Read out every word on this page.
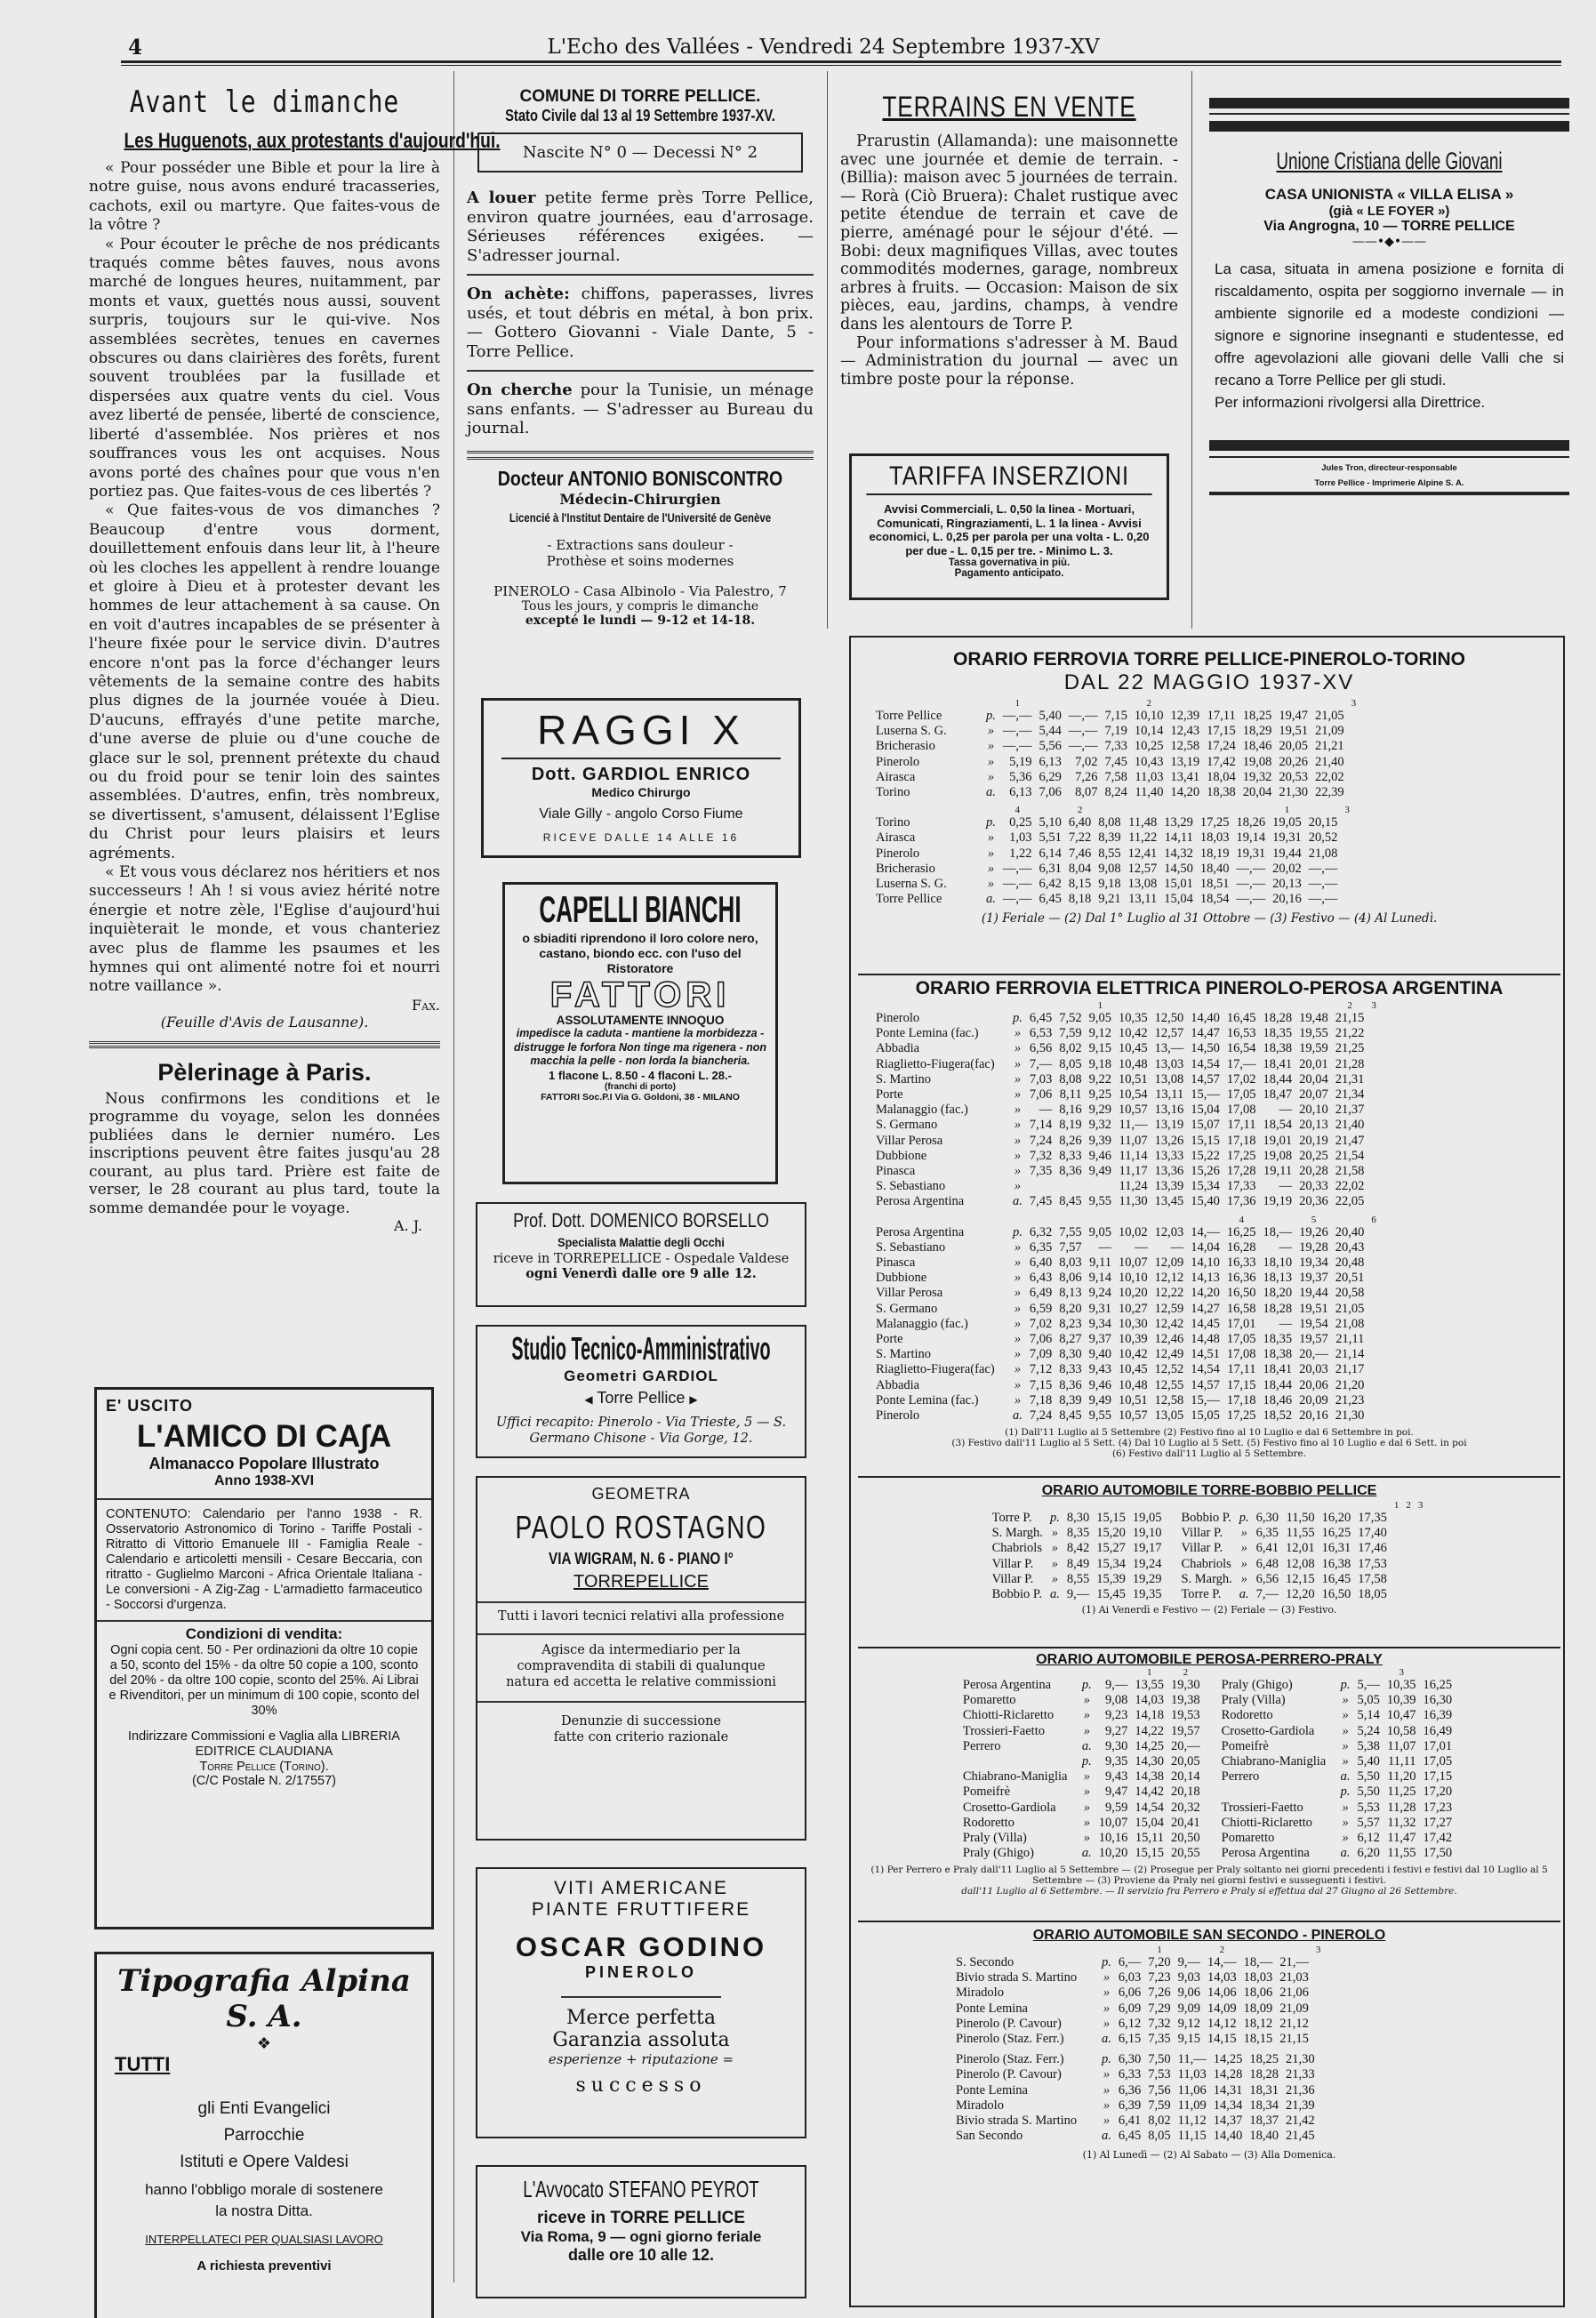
4	L'Echo des Vallées - Vendredi 24 Septembre 1937-XV
Avant le dimanche
Les Huguenots, aux protestants d'aujourd'hui.

« Pour posséder une Bible et pour la lire à notre guise, nous avons enduré tracasseries, cachots, exil ou martyre. Que faites-vous de la vôtre ?

« Pour écouter le prêche de nos prédicants traqués comme bêtes fauves, nous avons marché de longues heures, nuitamment, par monts et vaux, guettés nous aussi, souvent surpris, toujours sur le qui-vive. Nos assemblées secrètes, tenues en cavernes obscures ou dans clairières des forêts, furent souvent troublées par la fusillade et dispersées aux quatre vents du ciel. Vous avez liberté de pensée, liberté de conscience, liberté d'assemblée. Nos prières et nos souffrances vous les ont acquises. Nous avons porté des chaînes pour que vous n'en portiez pas. Que faites-vous de ces libertés ?

« Que faites-vous de vos dimanches ? Beaucoup d'entre vous dorment, douillettement enfouis dans leur lit, à l'heure où les cloches les appellent à rendre louange et gloire à Dieu et à protester devant les hommes de leur attachement à sa cause. On en voit d'autres incapables de se présenter à l'heure fixée pour le service divin. D'autres encore n'ont pas la force d'échanger leurs vêtements de la semaine contre des habits plus dignes de la journée vouée à Dieu. D'aucuns, effrayés d'une petite marche, d'une averse de pluie ou d'une couche de glace sur le sol, prennent prétexte du chaud ou du froid pour se tenir loin des saintes assemblées. D'autres, enfin, très nombreux, se divertissent, s'amusent, délaissent l'Eglise du Christ pour leurs plaisirs et leurs agréments.

« Et vous vous déclarez nos héritiers et nos successeurs ! Ah ! si vous aviez hérité notre énergie et notre zèle, l'Eglise d'aujourd'hui inquièterait le monde, et vous chanteriez avec plus de flamme les psaumes et les hymnes qui ont alimenté notre foi et nourri notre vaillance ».

Fax.
(Feuille d'Avis de Lausanne).
Pèlerinage à Paris.

Nous confirmons les conditions et le programme du voyage, selon les données publiées dans le dernier numéro. Les inscriptions peuvent être faites jusqu'au 28 courant, au plus tard. Prière est faite de verser, le 28 courant au plus tard, toute la somme demandée pour le voyage.

A. J.
E' USCITO
L'AMICO DI CA∫A
Almanacco Popolare Illustrato
Anno 1938-XVI
CONTENUTO: Calendario per l'anno 1938 - R. Osservatorio Astronomico di Torino - Tariffe Postali - Ritratto di Vittorio Emanuele III - Famiglia Reale - Calendario e articoletti mensili - Cesare Beccaria, con ritratto - Guglielmo Marconi - Africa Orientale Italiana - Le conversioni - A Zig-Zag - L'armadietto farmaceutico - Soccorsi d'urgenza.
Condizioni di vendita:
Ogni copia cent. 50 - Per ordinazioni da oltre 10 copie a 50, sconto del 15% - da oltre 50 copie a 100, sconto del 20% - da oltre 100 copie, sconto del 25%. Ai Librai e Rivenditori, per un minimum di 100 copie, sconto del 30%
Indirizzare Commissioni e Vaglia alla LIBRERIA EDITRICE CLAUDIANA
Torre Pellice (Torino).
(C/C Postale N. 2/17557)
Tipografia Alpina S. A.
❖
TUTTI
gli Enti Evangelici
Parrocchie
Istituti e Opere Valdesi
hanno l'obbligo morale di sostenere
la nostra Ditta.
INTERPELLATECI PER QUALSIASI LAVORO
A richiesta preventivi
COMUNE DI TORRE PELLICE.
Stato Civile dal 13 al 19 Settembre 1937-XV.
Nascite N° 0 — Decessi N° 2
A louer petite ferme près Torre Pellice, environ quatre journées, eau d'arrosage. Sérieuses références exigées. — S'adresser journal.
On achète: chiffons, paperasses, livres usés, et tout débris en métal, à bon prix. — Gottero Giovanni - Viale Dante, 5 - Torre Pellice.
On cherche pour la Tunisie, un ménage sans enfants. — S'adresser au Bureau du journal.
Docteur ANTONIO BONISCONTRO
Médecin-Chirurgien
Licencié à l'Institut Dentaire de l'Université de Genève
- Extractions sans douleur -
Prothèse et soins modernes
PINEROLO - Casa Albinolo - Via Palestro, 7
Tous les jours, y compris le dimanche
excepté le lundi — 9-12 et 14-18.
RAGGI X
Dott. GARDIOL ENRICO
Medico Chirurgo
Viale Gilly - angolo Corso Fiume
RICEVE DALLE 14 ALLE 16
CAPELLI BIANCHI
o sbiaditi riprendono il loro colore nero, castano, biondo ecc. con l'uso del Ristoratore
FATTORI
ASSOLUTAMENTE INNOQUO
impedisce la caduta - mantiene la morbidezza - distrugge le forfora Non tinge ma rigenera - non macchia la pelle - non lorda la biancheria.
1 flacone L. 8.50 - 4 flaconi L. 28.-
(franchi di porto)
FATTORI Soc.P.I Via G. Goldoni, 38 - MILANO
Prof. Dott. DOMENICO BORSELLO
Specialista Malattie degli Occhi
riceve in TORREPELLICE - Ospedale Valdese
ogni Venerdì dalle ore 9 alle 12.
Studio Tecnico-Amministrativo
Geometri GARDIOL
◀ Torre Pellice ▶
Uffici recapito: Pinerolo - Via Trieste, 5 — S. Germano Chisone - Via Gorge, 12.
GEOMETRA
PAOLO ROSTAGNO
VIA WIGRAM, N. 6 - PIANO I°
TORREPELLICE
Tutti i lavori tecnici relativi alla professione
Agisce da intermediario per la compravendita di stabili di qualunque natura ed accetta le relative commissioni
Denunzie di successione fatte con criterio razionale
VITI AMERICANE
PIANTE FRUTTIFERE
OSCAR GODINO
PINEROLO
Merce perfetta
Garanzia assoluta
esperienze + riputazione =
successo
L'Avvocato STEFANO PEYROT
riceve in TORRE PELLICE
Via Roma, 9 — ogni giorno feriale
dalle ore 10 alle 12.
TERRAINS EN VENTE

Prarustin (Allamanda): une maisonnette avec une journée et demie de terrain. - (Billia): maison avec 5 journées de terrain. — Rorà (Ciò Bruera): Chalet rustique avec petite étendue de terrain et cave de pierre, aménagé pour le séjour d'été. — Bobi: deux magnifiques Villas, avec toutes commodités modernes, garage, nombreux arbres à fruits. — Occasion: Maison de six pièces, eau, jardins, champs, à vendre dans les alentours de Torre P.

Pour informations s'adresser à M. Baud — Administration du journal — avec un timbre poste pour la réponse.

TARIFFA INSERZIONI
Avvisi Commerciali, L. 0,50 la linea - Mortuari, Comunicati, Ringraziamenti, L. 1 la linea - Avvisi economici, L. 0,25 per parola per una volta - L. 0,20 per due - L. 0,15 per tre. - Minimo L. 3.
Tassa governativa in più.
Pagamento anticipato.
Unione Cristiana delle Giovani
CASA UNIONISTA « VILLA ELISA »
(già « LE FOYER »)
Via Angrogna, 10 — TORRE PELLICE
——•◆•——
La casa, situata in amena posizione e fornita di riscaldamento, ospita per soggiorno invernale — in ambiente signorile ed a modeste condizioni — signore e signorine insegnanti e studentesse, ed offre agevolazioni alle giovani delle Valli che si recano a Torre Pellice per gli studi.
Per informazioni rivolgersi alla Direttrice.
Jules Tron, directeur-responsable
Torre Pellice - Imprimerie Alpine S. A.
ORARIO FERROVIA TORRE PELLICE-PINEROLO-TORINO
DAL 22 MAGGIO 1937-XV
		1				2						3
Torre Pellice	p.	—,—	5,40	—,—	7,15	10,10	12,39	17,11	18,25	19,47	21,05	
Luserna S. G.	»	—,—	5,44	—,—	7,19	10,14	12,43	17,15	18,29	19,51	21,09	
Bricherasio	»	—,—	5,56	—,—	7,33	10,25	12,58	17,24	18,46	20,05	21,21	
Pinerolo	»	5,19	6,13	7,02	7,45	10,43	13,19	17,42	19,08	20,26	21,40	
Airasca	»	5,36	6,29	7,26	7,58	11,03	13,41	18,04	19,32	20,53	22,02	
Torino	a.	6,13	7,06	8,07	8,24	11,40	14,20	18,38	20,04	21,30	22,39	
		4		2						1		3
Torino	p.	0,25	5,10	6,40	8,08	11,48	13,29	17,25	18,26	19,05	20,15	
Airasca	»	1,03	5,51	7,22	8,39	11,22	14,11	18,03	19,14	19,31	20,52	
Pinerolo	»	1,22	6,14	7,46	8,55	12,41	14,32	18,19	19,31	19,44	21,08	
Bricherasio	»	—,—	6,31	8,04	9,08	12,57	14,50	18,40	—,—	20,02	—,—	
Luserna S. G.	»	—,—	6,42	8,15	9,18	13,08	15,01	18,51	—,—	20,13	—,—	
Torre Pellice	a.	—,—	6,45	8,18	9,21	13,11	15,04	18,54	—,—	20,16	—,—	
(1) Feriale — (2) Dal 1° Luglio al 31 Ottobre — (3) Festivo — (4) Al Lunedì.
ORARIO FERROVIA ELETTRICA PINEROLO-PEROSA ARGENTINA
				1							2	3
Pinerolo	p.	6,45	7,52	9,05	10,35	12,50	14,40	16,45	18,28	19,48	21,15	
Ponte Lemina (fac.)	»	6,53	7,59	9,12	10,42	12,57	14,47	16,53	18,35	19,55	21,22	
Abbadia	»	6,56	8,02	9,15	10,45	13,—	14,50	16,54	18,38	19,59	21,25	
Riaglietto-Fiugera(fac)	»	7,—	8,05	9,18	10,48	13,03	14,54	17,—	18,41	20,01	21,28	
S. Martino	»	7,03	8,08	9,22	10,51	13,08	14,57	17,02	18,44	20,04	21,31	
Porte	»	7,06	8,11	9,25	10,54	13,11	15,—	17,05	18,47	20,07	21,34	
Malanaggio (fac.)	»	—	8,16	9,29	10,57	13,16	15,04	17,08	—	20,10	21,37	
S. Germano	»	7,14	8,19	9,32	11,—	13,19	15,07	17,11	18,54	20,13	21,40	
Villar Perosa	»	7,24	8,26	9,39	11,07	13,26	15,15	17,18	19,01	20,19	21,47	
Dubbione	»	7,32	8,33	9,46	11,14	13,33	15,22	17,25	19,08	20,25	21,54	
Pinasca	»	7,35	8,36	9,49	11,17	13,36	15,26	17,28	19,11	20,28	21,58	
S. Sebastiano	»				11,24	13,39	15,34	17,33	—	20,33	22,02	
Perosa Argentina	a.	7,45	8,45	9,55	11,30	13,45	15,40	17,36	19,19	20,36	22,05	
								4		5		6
Perosa Argentina	p.	6,32	7,55	9,05	10,02	12,03	14,—	16,25	18,—	19,26	20,40	
S. Sebastiano	»	6,35	7,57	—	—	—	14,04	16,28	—	19,28	20,43	
Pinasca	»	6,40	8,03	9,11	10,07	12,09	14,10	16,33	18,10	19,34	20,48	
Dubbione	»	6,43	8,06	9,14	10,10	12,12	14,13	16,36	18,13	19,37	20,51	
Villar Perosa	»	6,49	8,13	9,24	10,20	12,22	14,20	16,50	18,20	19,44	20,58	
S. Germano	»	6,59	8,20	9,31	10,27	12,59	14,27	16,58	18,28	19,51	21,05	
Malanaggio (fac.)	»	7,02	8,23	9,34	10,30	12,42	14,45	17,01	—	19,54	21,08	
Porte	»	7,06	8,27	9,37	10,39	12,46	14,48	17,05	18,35	19,57	21,11	
S. Martino	»	7,09	8,30	9,40	10,42	12,49	14,51	17,08	18,38	20,—	21,14	
Riaglietto-Fiugera(fac)	»	7,12	8,33	9,43	10,45	12,52	14,54	17,11	18,41	20,03	21,17	
Abbadia	»	7,15	8,36	9,46	10,48	12,55	14,57	17,15	18,44	20,06	21,20	
Ponte Lemina (fac.)	»	7,18	8,39	9,49	10,51	12,58	15,—	17,18	18,46	20,09	21,23	
Pinerolo	a.	7,24	8,45	9,55	10,57	13,05	15,05	17,25	18,52	20,16	21,30	
(1) Dall'11 Luglio al 5 Settembre (2) Festivo fino al 10 Luglio e dal 6 Settembre in poi.
(3) Festivo dall'11 Luglio al 5 Sett. (4) Dal 10 Luglio al 5 Sett. (5) Festivo fino al 10 Luglio e dal 6 Sett. in poi
(6) Festivo dall'11 Luglio al 5 Settembre.
ORARIO AUTOMOBILE TORRE-BOBBIO PELLICE
											1	2	3
Torre P.	p.	8,30	15,15	19,05	Bobbio P.	p.	6,30	11,50	16,20	17,35			
S. Margh.	»	8,35	15,20	19,10	Villar P.	»	6,35	11,55	16,25	17,40			
Chabriols	»	8,42	15,27	19,17	Villar P.	»	6,41	12,01	16,31	17,46			
Villar P.	»	8,49	15,34	19,24	Chabriols	»	6,48	12,08	16,38	17,53			
Villar P.	»	8,55	15,39	19,29	S. Margh.	»	6,56	12,15	16,45	17,58			
Bobbio P.	a.	9,—	15,45	19,35	Torre P.	a.	7,—	12,20	16,50	18,05			
(1) Ai Venerdì e Festivo — (2) Feriale — (3) Festivo.
ORARIO AUTOMOBILE PEROSA-PERRERO-PRALY
			1	2
Perosa Argentina	p.	9,—	13,55	19,30
Pomaretto	»	9,08	14,03	19,38
Chiotti-Riclaretto	»	9,23	14,18	19,53
Trossieri-Faetto	»	9,27	14,22	19,57
Perrero	a.	9,30	14,25	20,—
	p.	9,35	14,30	20,05
Chiabrano-Maniglia	»	9,43	14,38	20,14
Pomeifrè	»	9,47	14,42	20,18
Crosetto-Gardiola	»	9,59	14,54	20,32
Rodoretto	»	10,07	15,04	20,41
Praly (Villa)	»	10,16	15,11	20,50
Praly (Ghigo)	a.	10,20	15,15	20,55
			3	
Praly (Ghigo)	p.	5,—	10,35	16,25
Praly (Villa)	»	5,05	10,39	16,30
Rodoretto	»	5,14	10,47	16,39
Crosetto-Gardiola	»	5,24	10,58	16,49
Pomeifrè	»	5,38	11,07	17,01
Chiabrano-Maniglia	»	5,40	11,11	17,05
Perrero	a.	5,50	11,20	17,15
	p.	5,50	11,25	17,20
Trossieri-Faetto	»	5,53	11,28	17,23
Chiotti-Riclaretto	»	5,57	11,32	17,27
Pomaretto	»	6,12	11,47	17,42
Perosa Argentina	a.	6,20	11,55	17,50
(1) Per Perrero e Praly dall'11 Luglio al 5 Settembre — (2) Prosegue per Praly soltanto nei giorni precedenti i festivi e festivi dal 10 Luglio al 5 Settembre — (3) Proviene da Praly nei giorni festivi e susseguenti i festivi.
dall'11 Luglio al 6 Settembre. — Il servizio fra Perrero e Praly si effettua dal 27 Giugno al 26 Settembre.
ORARIO AUTOMOBILE SAN SECONDO - PINEROLO
			1		2			3
S. Secondo	p.	6,—	7,20	9,—	14,—	18,—	21,—	
Bivio strada S. Martino	»	6,03	7,23	9,03	14,03	18,03	21,03	
Miradolo	»	6,06	7,26	9,06	14,06	18,06	21,06	
Ponte Lemina	»	6,09	7,29	9,09	14,09	18,09	21,09	
Pinerolo (P. Cavour)	»	6,12	7,32	9,12	14,12	18,12	21,12	
Pinerolo (Staz. Ferr.)	a.	6,15	7,35	9,15	14,15	18,15	21,15	
Pinerolo (Staz. Ferr.)	p.	6,30	7,50	11,—	14,25	18,25	21,30
Pinerolo (P. Cavour)	»	6,33	7,53	11,03	14,28	18,28	21,33
Ponte Lemina	»	6,36	7,56	11,06	14,31	18,31	21,36
Miradolo	»	6,39	7,59	11,09	14,34	18,34	21,39
Bivio strada S. Martino	»	6,41	8,02	11,12	14,37	18,37	21,42
San Secondo	a.	6,45	8,05	11,15	14,40	18,40	21,45
(1) Al Lunedì — (2) Al Sabato — (3) Alla Domenica.
